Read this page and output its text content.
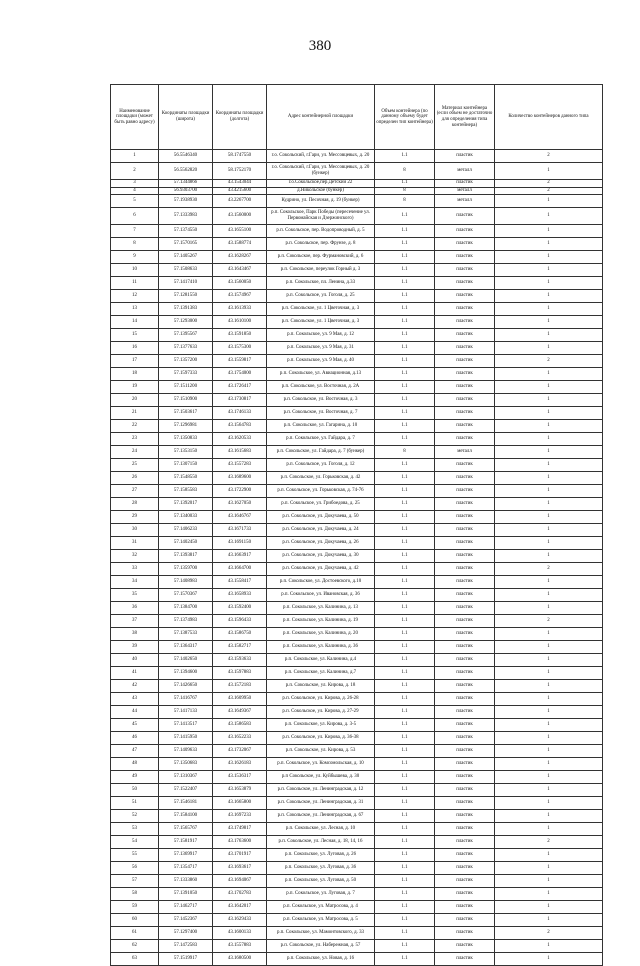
380
Наименование площадки (может быть равно адресу)	Координаты площадки (широта)	Координаты площадки (долгота)	Адрес контейнерной площадки	Объем контейнера (по данному объему будет определен тип контейнера)	Материал контейнера (если объем не достаточно для определения типа контейнера)	Количество контейнеров данного типа
1	56.5546340	58.1747550	г.о. Сокольский, г.Гари, ул. Мессовцевых, д. 20	1.1	пластик	2
2	56.5562820	58.1752170	г.о. Сокольский, г.Гари, ул. Мессовцевых, д. 20 (бункер)	8	металл	1
3	57.1344866	43.1543044	г.о.Сокольское,пер.Детский 22	1.1	пластик	2
4	56.9303700	43.4215600	д.Никольское (бункер)	8	металл	2
5	57.1938930	43.2267700	Кудрино, ул. Песочная, д. 19 (бункер)	8	металл	1
6	57.1333983	43.1560000	р.п. Сокольское, Парк Победы (пересечение ул. Первомайская и Дзержинского)	1.1	пластик	1
7	57.1374550	43.1655100	р.п. Сокольское, пер. Водопроводный, д. 5	1.1	пластик	1
8	57.1570165	43.1588774	р.п. Сокольское, пер. Фрунзе, д. 8	1.1	пластик	1
9	57.1405267	43.1628267	р.п. Сокольское, пер. Фурмановский, д. 6	1.1	пластик	1
10	57.1508633	43.1643467	р.п. Сокольское, переулок Горный д. 3	1.1	пластик	1
11	57.1417410	43.1560050	р.п. Сокольское, пл. Ленина, д.33	1.1	пластик	1
12	57.1281550	43.1574967	р.п. Сокольское, ул. Гоголя, д. 25	1.1	пластик	1
13	57.1391383	43.1613933	р.п. Сокольское, ул. 1 Цветочная, д. 3	1.1	пластик	1
14	57.1293000	43.1610100	р.п. Сокольское, ул. 1 Цветочная, д. 3	1.1	пластик	1
15	57.1395567	43.1591850	р.п. Сокольское, ул. 9 Мая, д. 12	1.1	пластик	1
16	57.1377633	43.1575300	р.п. Сокольское, ул. 9 Мая, д. 31	1.1	пластик	1
17	57.1357200	43.1559817	р.п. Сокольское, ул. 9 Мая, д. 40	1.1	пластик	2
18	57.1597333	43.1754000	р.п. Сокольское, ул. Авиационная, д.13	1.1	пластик	1
19	57.1511200	43.1726417	р.п. Сокольское, ул. Восточная, д. 2А	1.1	пластик	1
20	57.1510900	43.1730817	р.п. Сокольское, ул. Восточная, д. 3	1.1	пластик	1
21	57.1503617	43.1746133	р.п. Сокольское, ул. Восточная, д. 7	1.1	пластик	1
22	57.1296981	43.1564783	р.п. Сокольское, ул. Гагарина, д. 10	1.1	пластик	1
23	57.1350833	43.1620533	р.п. Сокольское, ул. Гайдара, д. 7	1.1	пластик	1
24	57.1353150	43.1615683	р.п. Сокольское, ул. Гайдара, д. 7 (бункер)	8	металл	1
25	57.1307150	43.1557283	р.п. Сокольское, ул. Гоголя, д. 12	1.1	пластик	1
26	57.1548550	43.1689600	р.п. Сокольское, ул. Горьковская, д. 42	1.1	пластик	1
27	57.1585583	43.1722900	р.п. Сокольское, ул. Горьковская, д. 74-76	1.1	пластик	1
28	57.1392017	43.1627050	р.п. Сокольское, ул. Грибоедова, д. 25	1.1	пластик	1
29	57.1340033	43.1646767	р.п. Сокольское, ул. Докучаева, д. 50	1.1	пластик	1
30	57.1406233	43.1671733	р.п. Сокольское, ул. Докучаева, д. 24	1.1	пластик	1
31	57.1402450	43.1691150	р.п. Сокольское, ул. Докучаева, д. 26	1.1	пластик	1
32	57.1393817	43.1663917	р.п. Сокольское, ул. Докучаева, д. 30	1.1	пластик	1
33	57.1359700	43.1664700	р.п. Сокольское, ул. Докучаева, д. 42	1.1	пластик	2
34	57.1408983	43.1558417	р.п. Сокольское, ул. Достоевского, д.10	1.1	пластик	1
35	57.1570367	43.1658933	р.п. Сокольское, ул. Ивановская, д. 36	1.1	пластик	1
36	57.1384700	43.1592400	р.п. Сокольское, ул. Калинина, д. 13	1.1	пластик	1
37	57.1374983	43.1596433	р.п. Сокольское, ул. Калинина, д. 19	1.1	пластик	2
38	57.1387533	43.1586750	р.п. Сокольское, ул. Калинина, д. 20	1.1	пластик	1
39	57.1364317	43.1582717	р.п. Сокольское, ул. Калинина, д. 36	1.1	пластик	1
40	57.1402650	43.1593633	р.п. Сокольское, ул. Калинина, д.4	1.1	пластик	1
41	57.1394600	43.1597883	р.п. Сокольское, ул. Калинина, д.7	1.1	пластик	1
42	57.1426650	43.1572183	р.п. Сокольское, ул. Кирова, д. 18	1.1	пластик	1
43	57.1416767	43.1609950	р.п. Сокольское, ул. Кирова, д. 26-28	1.1	пластик	1
44	57.1417133	43.1649367	р.п. Сокольское, ул. Кирова, д. 27-29	1.1	пластик	1
45	57.1413517	43.1586583	р.п. Сокольское, ул. Кирова, д. 3-5	1.1	пластик	1
46	57.1415950	43.1652233	р.п. Сокольское, ул. Кирова, д. 36-38	1.1	пластик	1
47	57.1409633	43.1732067	р.п. Сокольское, ул. Кирова, д. 53	1.1	пластик	1
48	57.1350683	43.1626183	р.п. Сокольское, ул. Комсомольская, д. 10	1.1	пластик	1
49	57.1310367	43.1536317	р.п Сокольское, ул. Куйбышева, д. 30	1.1	пластик	1
50	57.1522407	43.1653879	р.п. Сокольское, ул. Ленинградская, д. 12	1.1	пластик	1
51	57.1546181	43.1665800	р.п. Сокольское, ул. Ленинградская, д. 31	1.1	пластик	1
52	57.1584100	43.1697233	р.п. Сокольское, ул. Ленинградская, д. 67	1.1	пластик	1
53	57.1565767	43.1749817	р.п. Сокольское, ул. Лесная, д. 10	1.1	пластик	1
54	57.1581917	43.1763600	р.п. Сокольское, ул. Лесная, д. 18, 14, 16	1.1	пластик	2
55	57.1369917	43.1701917	р.п. Сокольское, ул. Луговая, д. 26	1.1	пластик	1
56	57.1354717	43.1693617	р.п. Сокольское, ул. Луговая, д. 36	1.1	пластик	1
57	57.1333860	43.1694067	р.п. Сокольское, ул. Луговая, д. 50	1.1	пластик	1
58	57.1391050	43.1702783	р.п. Сокольское, ул. Луговая, д. 7	1.1	пластик	1
59	57.1462717	43.1642017	р.п. Сокольское, ул. Матросова, д. 4	1.1	пластик	1
60	57.1452367	43.1629433	р.п. Сокольское, ул. Матросова, д. 5	1.1	пластик	1
61	57.1297400	43.1600133	р.п. Сокольское, ул. Мамонтовского, д. 33	1.1	пластик	2
62	57.1472583	43.1557883	р.п. Сокольское, ул. Набережная, д. 57	1.1	пластик	1
63	57.1519917	43.1680500	р.п. Сокольское, ул. Новая, д. 16	1.1	пластик	1
